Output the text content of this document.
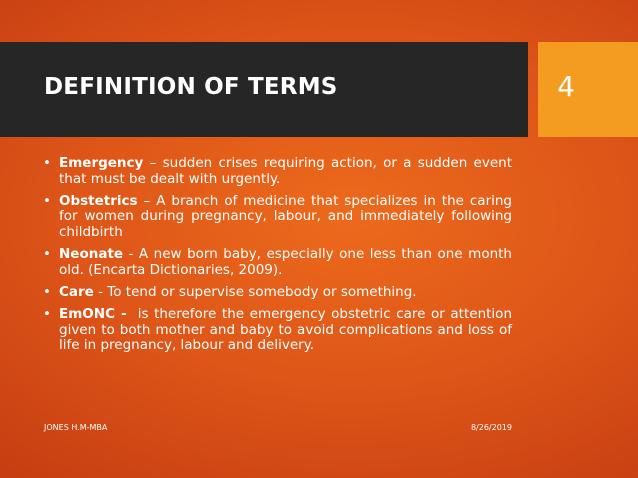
DEFINITION OF TERMS	4
• Emergency – sudden crises requiring action, or a sudden event that must be dealt with urgently.
• Obstetrics – A branch of medicine that specializes in the caring for women during pregnancy, labour, and immediately following childbirth
• Neonate - A new born baby, especially one less than one month old. (Encarta Dictionaries, 2009).
• Care - To tend or supervise somebody or something.
• EmONC -  is therefore the emergency obstetric care or attention given to both mother and baby to avoid complications and loss of life in pregnancy, labour and delivery.
JONES H.M-MBA	8/26/2019
